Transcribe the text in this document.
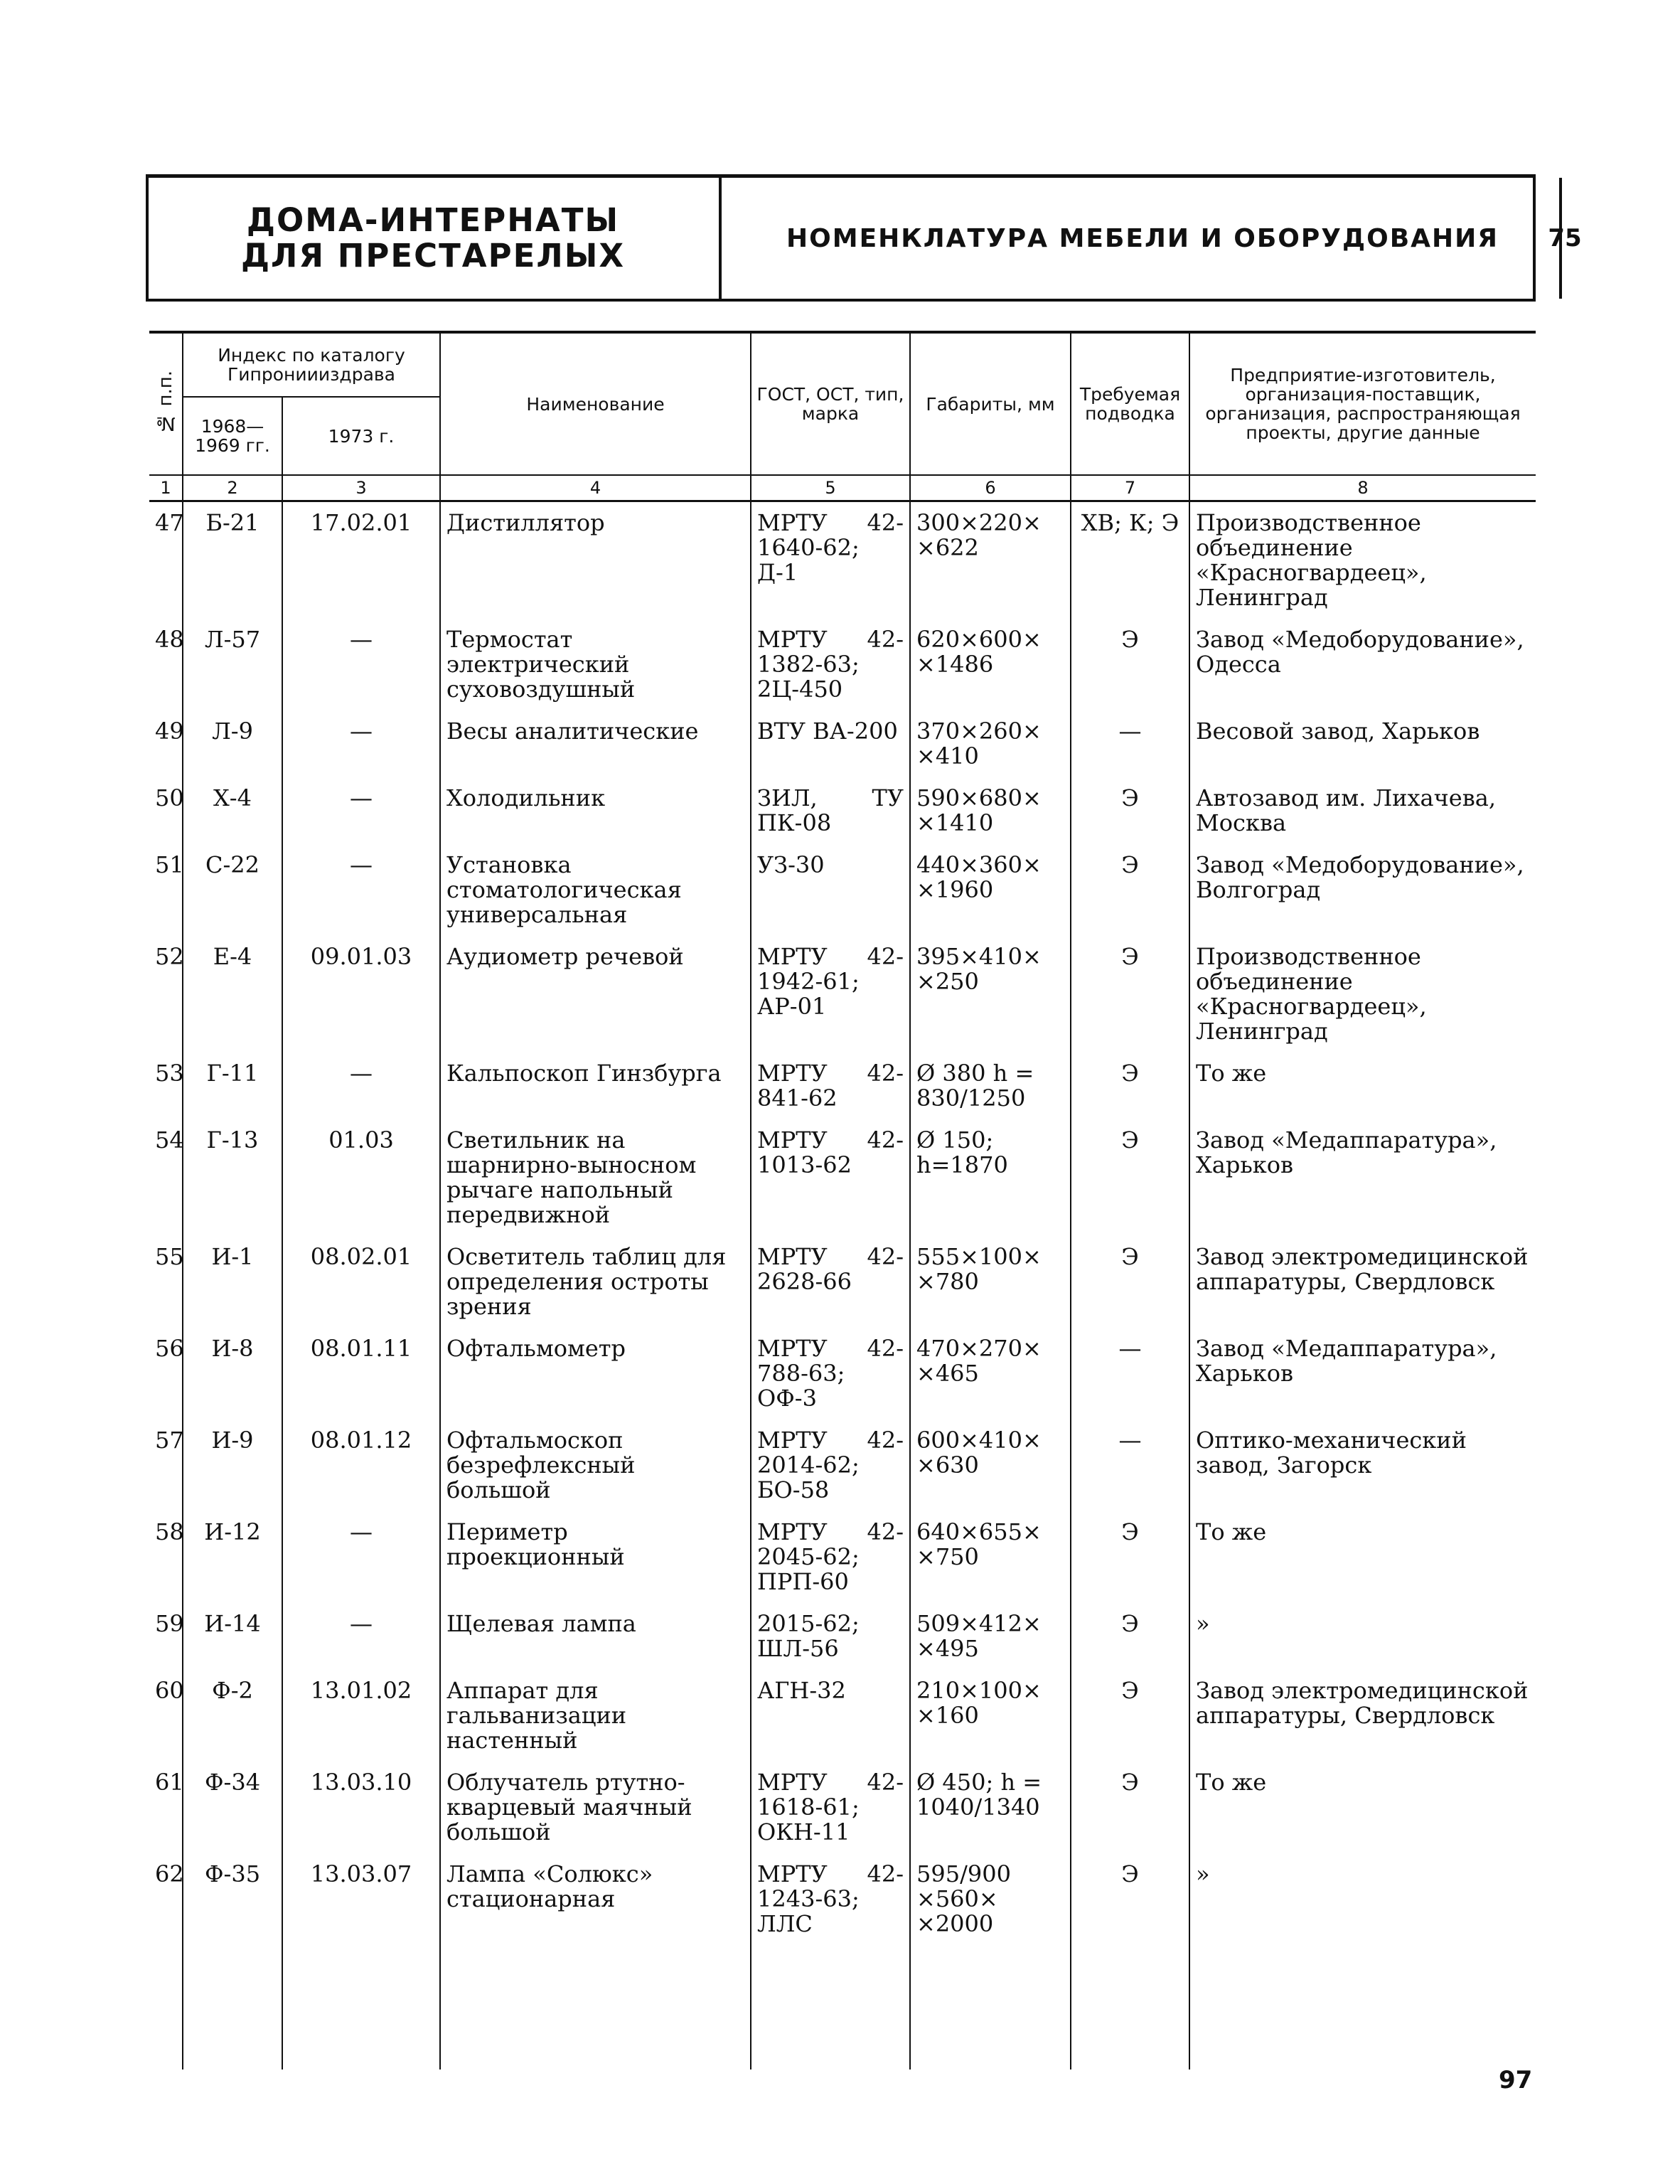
ДОМА-ИНТЕРНАТЫ
ДЛЯ ПРЕСТАРЕЛЫХ	НОМЕНКЛАТУРА МЕБЕЛИ И ОБОРУДОВАНИЯ	75
№ п.п.	Индекс по каталогу Гипрониииздрава		Наименование	ГОСТ, ОСТ, тип, марка	Габариты, мм	Требуемая подводка	Предприятие-изготовитель, организация-поставщик, организация, распространяющая проекты, другие данные
	1968—1969 гг.	1973 г.					
1	2	3	4	5	6	7	8
47	Б-21	17.02.01	Дистиллятор	МРТУ 42-1640-62; Д-1	300×220× ×622	ХВ; К; Э	Производственное объединение «Красногвардеец», Ленинград
48	Л-57	—	Термостат электрический суховоздушный	МРТУ 42-1382-63; 2Ц-450	620×600× ×1486	Э	Завод «Медоборудование», Одесса
49	Л-9	—	Весы аналитические	ВТУ ВА-200	370×260× ×410	—	Весовой завод, Харьков
50	Х-4	—	Холодильник	ЗИЛ, ТУ ПК-08	590×680× ×1410	Э	Автозавод им. Лихачева, Москва
51	С-22	—	Установка стоматологическая универсальная	УЗ-30	440×360× ×1960	Э	Завод «Медоборудование», Волгоград
52	Е-4	09.01.03	Аудиометр речевой	МРТУ 42-1942-61; АР-01	395×410× ×250	Э	Производственное объединение «Красногвардеец», Ленинград
53	Г-11	—	Кальпоскоп Гинзбурга	МРТУ 42-841-62	Ø 380 h = 830/1250	Э	То же
54	Г-13	01.03	Светильник на шарнирно-выносном рычаге напольный передвижной	МРТУ 42-1013-62	Ø 150; h=1870	Э	Завод «Медаппаратура», Харьков
55	И-1	08.02.01	Осветитель таблиц для определения остроты зрения	МРТУ 42-2628-66	555×100× ×780	Э	Завод электромедицинской аппаратуры, Свердловск
56	И-8	08.01.11	Офтальмометр	МРТУ 42-788-63; ОФ-3	470×270× ×465	—	Завод «Медаппаратура», Харьков
57	И-9	08.01.12	Офтальмоскоп безрефлексный большой	МРТУ 42-2014-62; БО-58	600×410× ×630	—	Оптико-механический завод, Загорск
58	И-12	—	Периметр проекционный	МРТУ 42-2045-62; ПРП-60	640×655× ×750	Э	То же
59	И-14	—	Щелевая лампа	2015-62; ШЛ-56	509×412× ×495	Э	»
60	Ф-2	13.01.02	Аппарат для гальванизации настенный	АГН-32	210×100× ×160	Э	Завод электромедицинской аппаратуры, Свердловск
61	Ф-34	13.03.10	Облучатель ртутно-кварцевый маячный большой	МРТУ 42-1618-61; ОКН-11	Ø 450; h = 1040/1340	Э	То же
62	Ф-35	13.03.07	Лампа «Солюкс» стационарная	МРТУ 42-1243-63; ЛЛС	595/900 ×560× ×2000	Э	»
97
